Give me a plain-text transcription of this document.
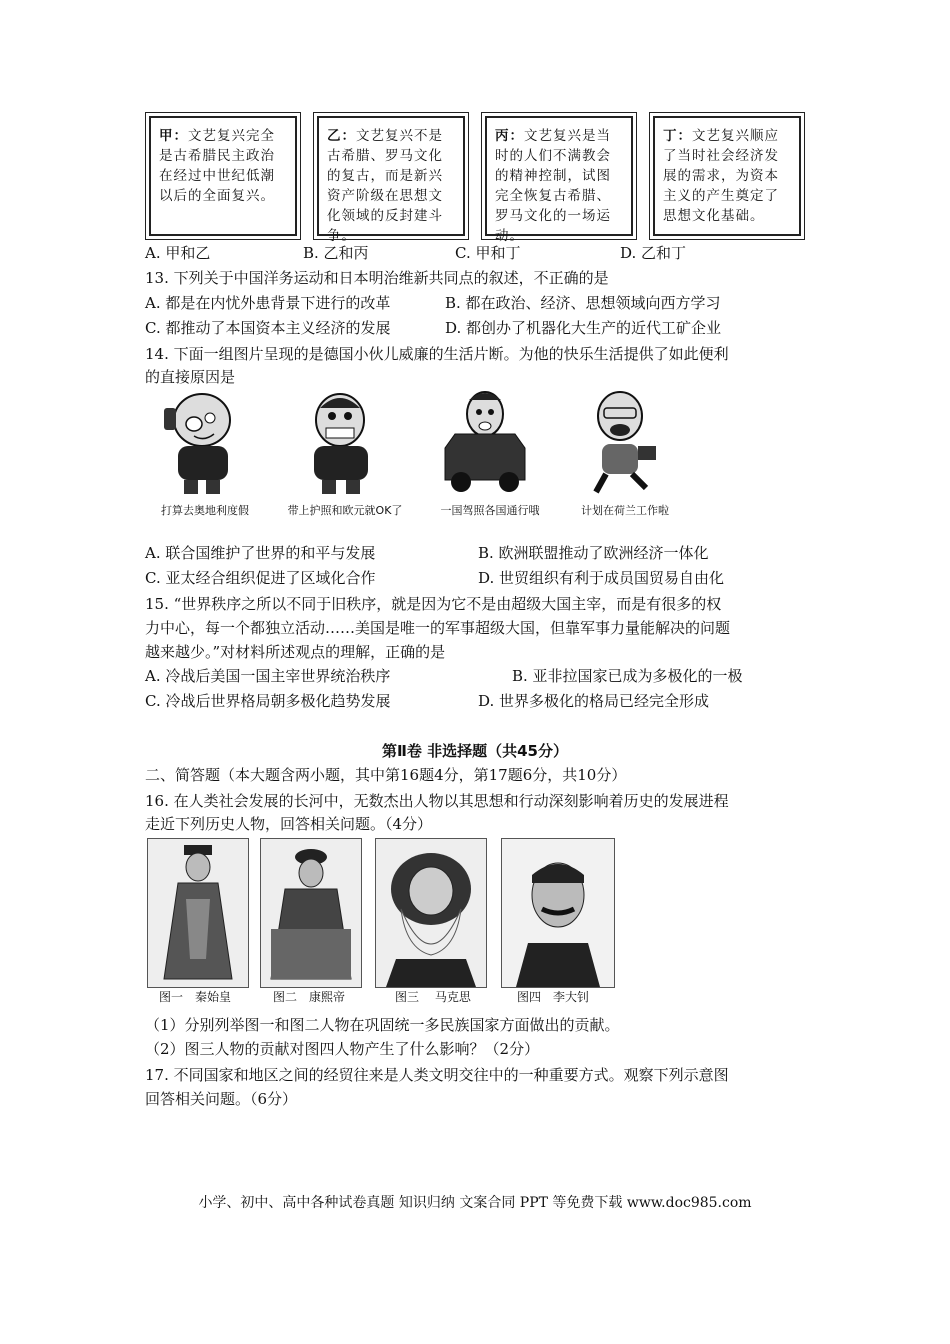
甲：文艺复兴完全是古希腊民主政治在经过中世纪低潮以后的全面复兴。
乙：文艺复兴不是古希腊、罗马文化的复古，而是新兴资产阶级在思想文化领域的反封建斗争。
丙：文艺复兴是当时的人们不满教会的精神控制，试图完全恢复古希腊、罗马文化的一场运动。
丁：文艺复兴顺应了当时社会经济发展的需求，为资本主义的产生奠定了思想文化基础。
A. 甲和乙	B. 乙和丙	C. 甲和丁	D. 乙和丁
13. 下列关于中国洋务运动和日本明治维新共同点的叙述，不正确的是
A. 都是在内忧外患背景下进行的改革	B. 都在政治、经济、思想领域向西方学习
C. 都推动了本国资本主义经济的发展	D. 都创办了机器化大生产的近代工矿企业
14. 下面一组图片呈现的是德国小伙儿威廉的生活片断。为他的快乐生活提供了如此便利
的直接原因是
打算去奥地利度假	带上护照和欧元就OK了	一国驾照各国通行哦	计划在荷兰工作啦
A. 联合国维护了世界的和平与发展	B. 欧洲联盟推动了欧洲经济一体化
C. 亚太经合组织促进了区域化合作	D. 世贸组织有利于成员国贸易自由化
15. “世界秩序之所以不同于旧秩序，就是因为它不是由超级大国主宰，而是有很多的权
力中心，每一个都独立活动……美国是唯一的军事超级大国，但靠军事力量能解决的问题
越来越少。”对材料所述观点的理解，正确的是
A. 冷战后美国一国主宰世界统治秩序	B. 亚非拉国家已成为多极化的一极
C. 冷战后世界格局朝多极化趋势发展	D. 世界多极化的格局已经完全形成
第Ⅱ卷 非选择题（共45分）
二、简答题（本大题含两小题，其中第16题4分，第17题6分，共10分）
16. 在人类社会发展的长河中，无数杰出人物以其思想和行动深刻影响着历史的发展进程
走近下列历史人物，回答相关问题。（4分）
图一　秦始皇	图二　康熙帝	图三　 马克思	图四　李大钊
（1）分别列举图一和图二人物在巩固统一多民族国家方面做出的贡献。
（2）图三人物的贡献对图四人物产生了什么影响？（2分）
17. 不同国家和地区之间的经贸往来是人类文明交往中的一种重要方式。观察下列示意图
回答相关问题。（6分）
小学、初中、高中各种试卷真题 知识归纳 文案合同 PPT 等免费下载 www.doc985.com
